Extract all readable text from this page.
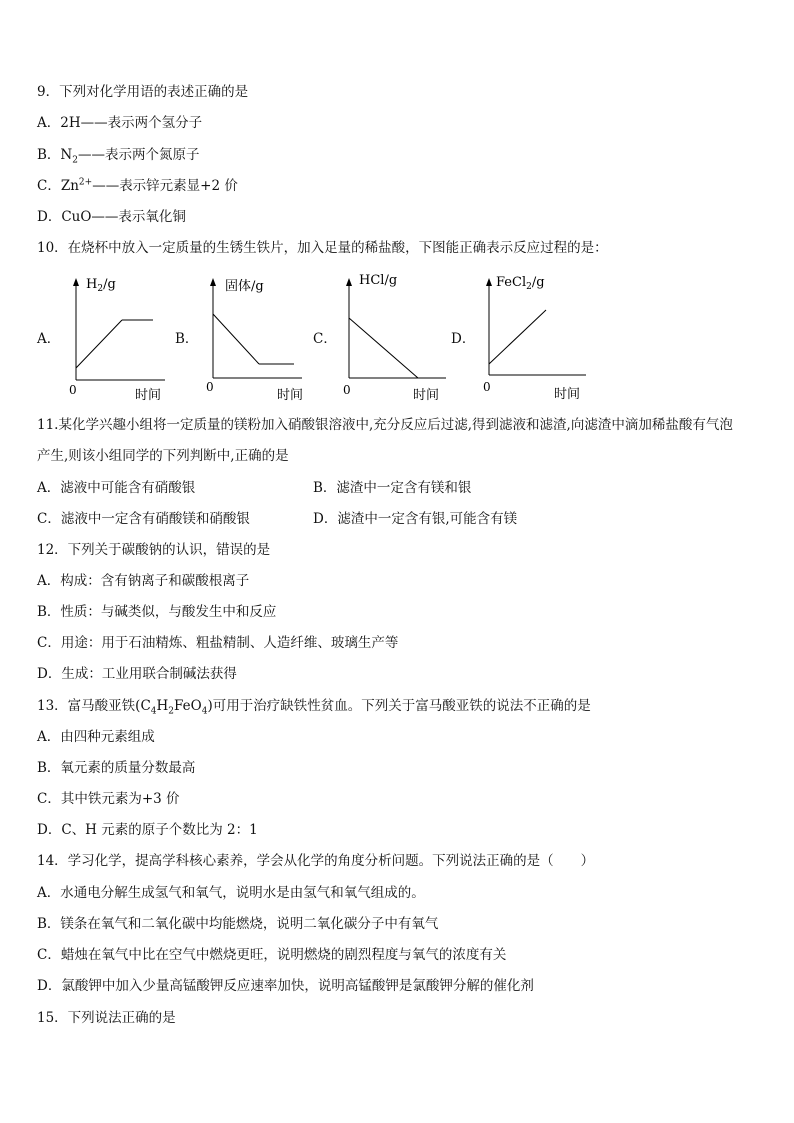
9．下列对化学用语的表述正确的是
A．2H——表示两个氢分子
B．$N_2——$表示两个氮原子
C．$Zn^{2+}——$表示锌元素显+2 价
D．CuO——表示氧化铜
10．在烧杯中放入一定质量的生锈生铁片，加入足量的稀盐酸，下图能正确表示反应过程的是：
A．
$H_2/g$
0	时间
B．
固体/g
0
时间
C．
HCl/g
0	时间
D．
FeCl$_2$/g
0	时间
11.某化学兴趣小组将一定质量的镁粉加入硝酸银溶液中,充分反应后过滤,得到滤液和滤渣,向滤渣中滴加稀盐酸有气泡
产生,则该小组同学的下列判断中,正确的是
A．滤液中可能含有硝酸银	B．滤渣中一定含有镁和银
C．滤液中一定含有硝酸镁和硝酸银	D．滤渣中一定含有银,可能含有镁
12．下列关于碳酸钠的认识，错误的是
A．构成：含有钠离子和碳酸根离子
B．性质：与碱类似，与酸发生中和反应
C．用途：用于石油精炼、粗盐精制、人造纤维、玻璃生产等
D．生成：工业用联合制碱法获得
13．富马酸亚铁$(C_4H_2FeO_4)$可用于治疗缺铁性贫血。下列关于富马酸亚铁的说法不正确的是
A．由四种元素组成
B．氧元素的质量分数最高
C．其中铁元素为+3 价
D．C、H 元素的原子个数比为 2：1
14．学习化学，提高学科核心素养，学会从化学的角度分析问题。下列说法正确的是（　　）
A．水通电分解生成氢气和氧气，说明水是由氢气和氧气组成的。
B．镁条在氧气和二氧化碳中均能燃烧，说明二氧化碳分子中有氧气
C．蜡烛在氧气中比在空气中燃烧更旺，说明燃烧的剧烈程度与氧气的浓度有关
D．氯酸钾中加入少量高锰酸钾反应速率加快，说明高锰酸钾是氯酸钾分解的催化剂
15．下列说法正确的是
